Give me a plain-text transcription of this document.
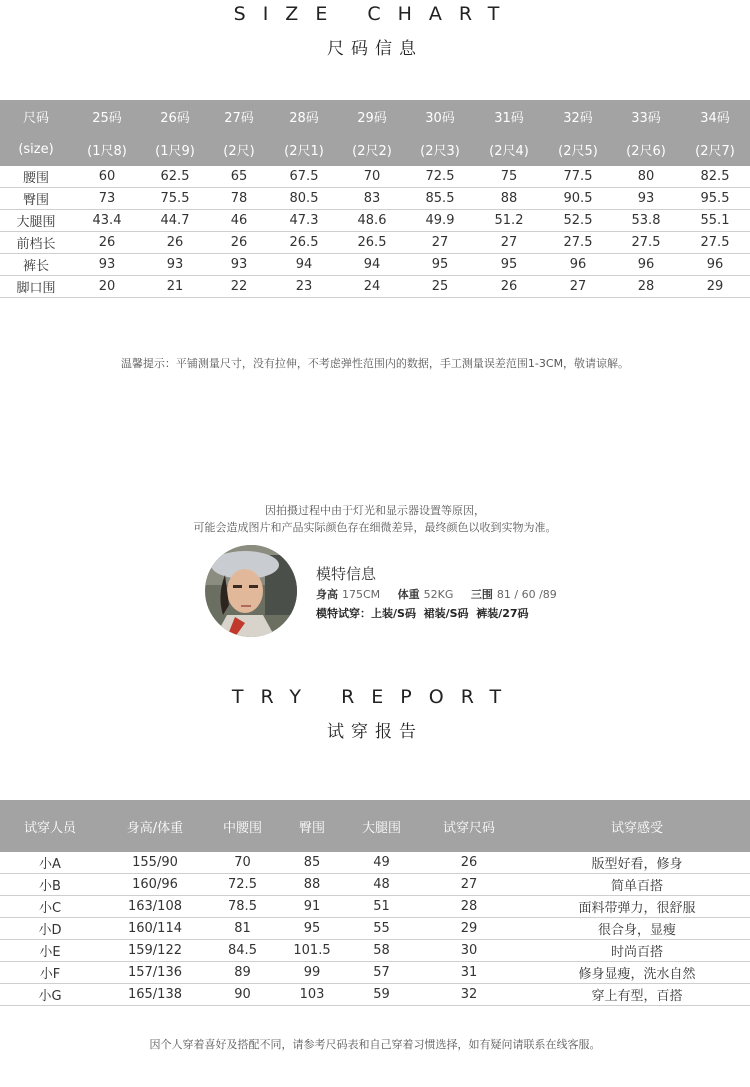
SIZE CHART
尺码信息
尺码	25码	26码	27码	28码	29码	30码	31码	32码	33码	34码
(size)	(1尺8)	(1尺9)	(2尺)	(2尺1)	(2尺2)	(2尺3)	(2尺4)	(2尺5)	(2尺6)	(2尺7)
腰围	60	62.5	65	67.5	70	72.5	75	77.5	80	82.5
臀围	73	75.5	78	80.5	83	85.5	88	90.5	93	95.5
大腿围	43.4	44.7	46	47.3	48.6	49.9	51.2	52.5	53.8	55.1
前档长	26	26	26	26.5	26.5	27	27	27.5	27.5	27.5
裤长	93	93	93	94	94	95	95	96	96	96
脚口围	20	21	22	23	24	25	26	27	28	29
温馨提示：平铺测量尺寸，没有拉伸，不考虑弹性范围内的数据，手工测量误差范围1-3CM，敬请谅解。
因拍摄过程中由于灯光和显示器设置等原因，
可能会造成图片和产品实际颜色存在细微差异，最终颜色以收到实物为准。
模特信息
身高 175CM 体重 52KG 三围 81 / 60 /89
模特试穿：上装/S码  裙装/S码  裤装/27码
TRY REPORT
试穿报告
试穿人员	身高/体重	中腰围	臀围	大腿围	试穿尺码	试穿感受
小A	155/90	70	85	49	26	版型好看，修身
小B	160/96	72.5	88	48	27	简单百搭
小C	163/108	78.5	91	51	28	面料带弹力，很舒服
小D	160/114	81	95	55	29	很合身，显瘦
小E	159/122	84.5	101.5	58	30	时尚百搭
小F	157/136	89	99	57	31	修身显瘦，洗水自然
小G	165/138	90	103	59	32	穿上有型，百搭
因个人穿着喜好及搭配不同，请参考尺码表和自己穿着习惯选择，如有疑问请联系在线客服。
